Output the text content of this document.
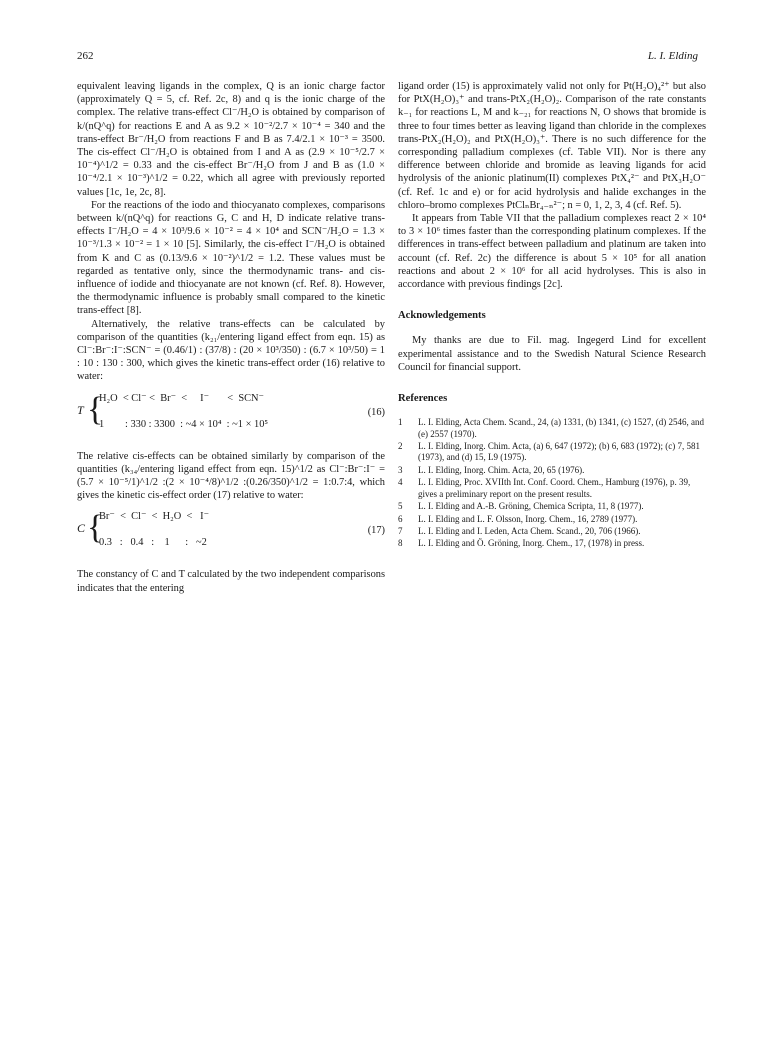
262	L. I. Elding

equivalent leaving ligands in the complex, Q is an ionic charge factor (approximately Q = 5, cf. Ref. 2c, 8) and q is the ionic charge of the complex. The relative trans-effect Cl⁻/H₂O is obtained by comparison of k/(nQ^q) for reactions E and A as 9.2 × 10⁻²/2.7 × 10⁻⁴ = 340 and the trans-effect Br⁻/H₂O from reactions F and B as 7.4/2.1 × 10⁻³ = 3500. The cis-effect Cl⁻/H₂O is obtained from I and A as (2.9 × 10⁻⁵/2.7 × 10⁻⁴)^1/2 = 0.33 and the cis-effect Br⁻/H₂O from J and B as (1.0 × 10⁻⁴/2.1 × 10⁻³)^1/2 = 0.22, which all agree with previously reported values [1c, 1e, 2c, 8].

For the reactions of the iodo and thiocyanato complexes, comparisons between k/(nQ^q) for reactions G, C and H, D indicate relative trans-effects I⁻/H₂O = 4 × 10³/9.6 × 10⁻² = 4 × 10⁴ and SCN⁻/H₂O = 1.3 × 10⁻³/1.3 × 10⁻² = 1 × 10 [5]. Similarly, the cis-effect I⁻/H₂O is obtained from K and C as (0.13/9.6 × 10⁻²)^1/2 = 1.2. These values must be regarded as tentative only, since the thermodynamic trans- and cis-influence of iodide and thiocyanate are not known (cf. Ref. 8). However, the thermodynamic influence is probably small compared to the kinetic trans-effect [8].

Alternatively, the relative trans-effects can be calculated by comparison of the quantities (k₂₁/entering ligand effect from eqn. 15) as Cl⁻:Br⁻:I⁻:SCN⁻ = (0.46/1) : (37/8) : (20 × 10³/350) : (6.7 × 10³/50) = 1 : 10 : 130 : 300, which gives the kinetic trans-effect order (16) relative to water:

T {
H₂O  < Cl⁻ <  Br⁻  <     I⁻       <  SCN⁻
1        : 330 : 3300  : ~4 × 10⁴  : ~1 × 10⁵
(16)

The relative cis-effects can be obtained similarly by comparison of the quantities (k₃₄/entering ligand effect from eqn. 15)^1/2 as Cl⁻:Br⁻:I⁻ = (5.7 × 10⁻⁵/1)^1/2 :(2 × 10⁻⁴/8)^1/2 :(0.26/350)^1/2 = 1:0.7:4, which gives the kinetic cis-effect order (17) relative to water:

C {
Br⁻  <  Cl⁻  <  H₂O  <   I⁻
0.3   :   0.4   :    1      :   ~2
(17)

The constancy of C and T calculated by the two independent comparisons indicates that the entering

ligand order (15) is approximately valid not only for Pt(H₂O)₄²⁺ but also for PtX(H₂O)₃⁺ and trans-PtX₂(H₂O)₂. Comparison of the rate constants k₋₁ for reactions L, M and k₋₂₁ for reactions N, O shows that bromide is three to four times better as leaving ligand than chloride in the complexes trans-PtX₂(H₂O)₂ and PtX(H₂O)₃⁺. There is no such difference for the corresponding palladium complexes (cf. Table VII). Nor is there any difference between chloride and bromide as leaving ligands for acid hydrolysis of the anionic platinum(II) complexes PtX₄²⁻ and PtX₃H₂O⁻ (cf. Ref. 1c and e) or for acid hydrolysis and halide exchanges in the chloro–bromo complexes PtClₙBr₄₋ₙ²⁻; n = 0, 1, 2, 3, 4 (cf. Ref. 5).

It appears from Table VII that the palladium complexes react 2 × 10⁴ to 3 × 10⁶ times faster than the corresponding platinum complexes. If the differences in trans-effect between palladium and platinum are taken into account (cf. Ref. 2c) the difference is about 5 × 10⁵ for all anation reactions and about 2 × 10⁶ for all acid hydrolyses. This is also in accordance with previous findings [2c].

Acknowledgements

My thanks are due to Fil. mag. Ingegerd Lind for excellent experimental assistance and to the Swedish Natural Science Research Council for financial support.

References
1 L. I. Elding, Acta Chem. Scand., 24, (a) 1331, (b) 1341, (c) 1527, (d) 2546, and (e) 2557 (1970).
2 L. I. Elding, Inorg. Chim. Acta, (a) 6, 647 (1972); (b) 6, 683 (1972); (c) 7, 581 (1973), and (d) 15, L9 (1975).
3 L. I. Elding, Inorg. Chim. Acta, 20, 65 (1976).
4 L. I. Elding, Proc. XVIIth Int. Conf. Coord. Chem., Hamburg (1976), p. 39, gives a preliminary report on the present results.
5 L. I. Elding and A.-B. Gröning, Chemica Scripta, 11, 8 (1977).
6 L. I. Elding and L. F. Olsson, Inorg. Chem., 16, 2789 (1977).
7 L. I. Elding and I. Leden, Acta Chem. Scand., 20, 706 (1966).
8 L. I. Elding and Ö. Gröning, Inorg. Chem., 17, (1978) in press.
